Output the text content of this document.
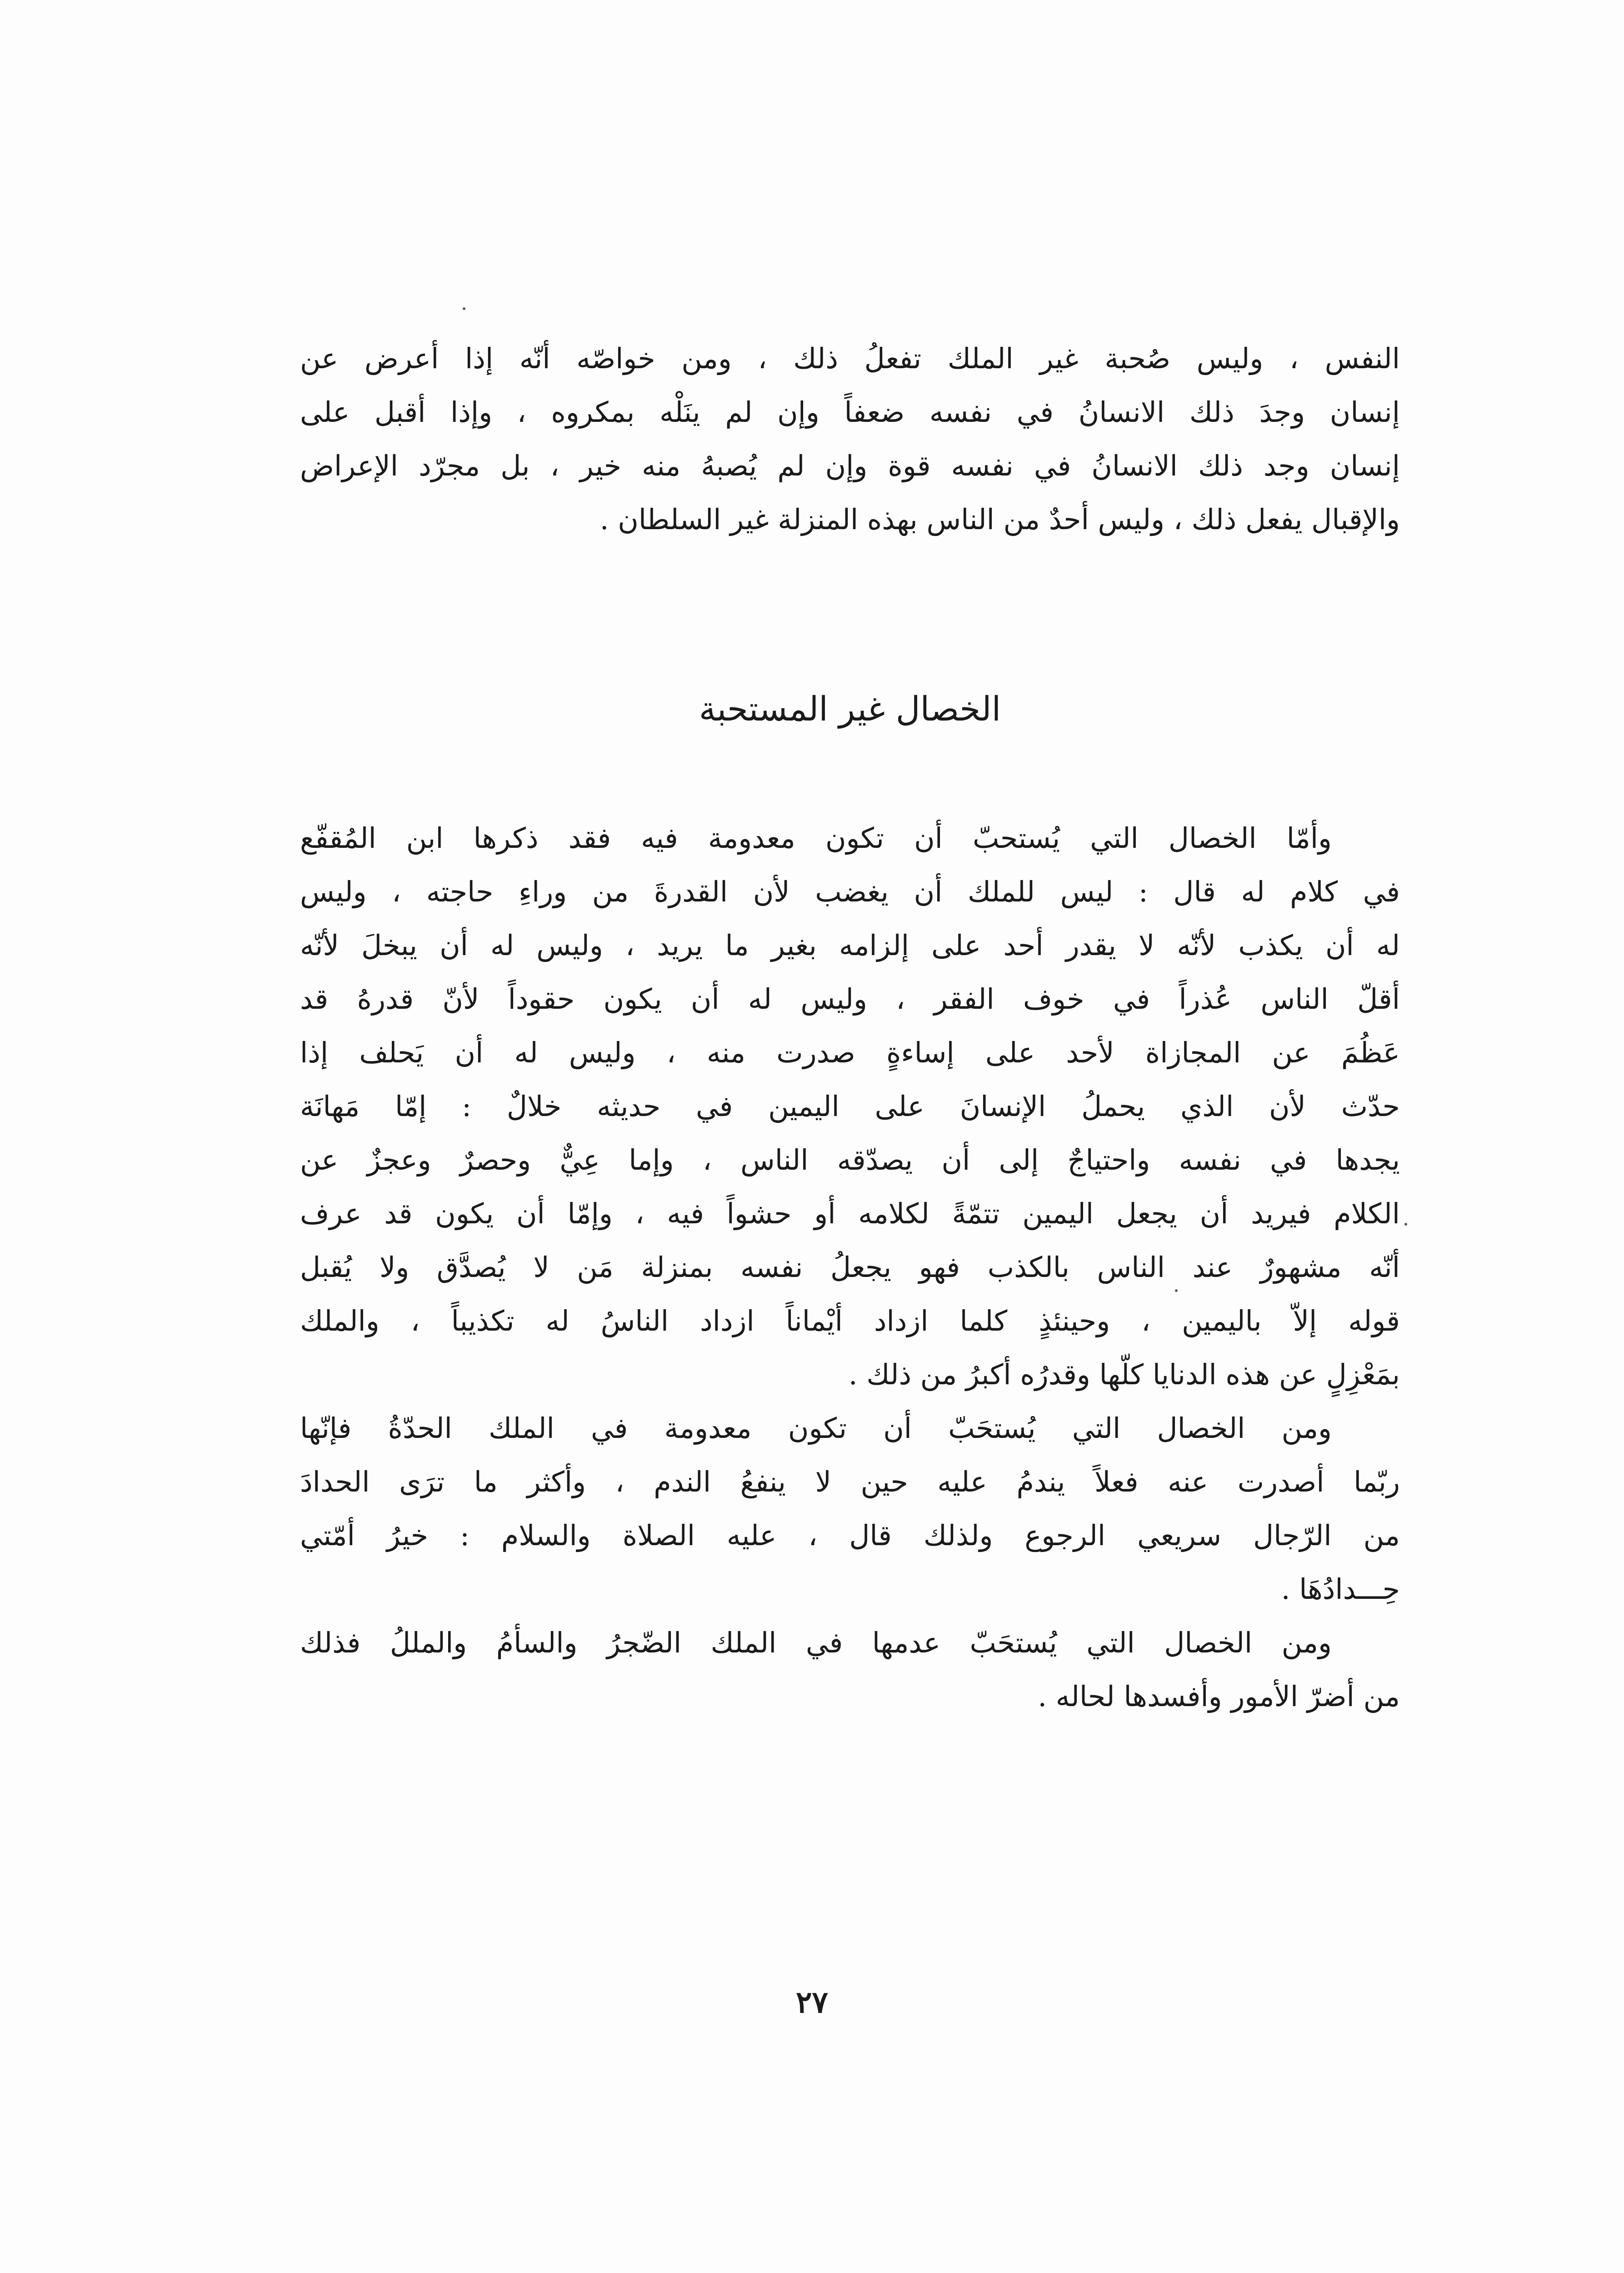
النفس ، وليس صُحبة غير الملك تفعلُ ذلك ، ومن خواصّه أنّه إذا أعرض عن
إنسان وجدَ ذلك الانسانُ في نفسه ضعفاً وإن لم ينَلْه بمكروه ، وإذا أقبل على
إنسان وجد ذلك الانسانُ في نفسه قوة وإن لم يُصبهُ منه خير ، بل مجرّد الإعراض
والإقبال يفعل ذلك ، وليس أحدٌ من الناس بهذه المنزلة غير السلطان .
الخصال غير المستحبة
وأمّا الخصال التي يُستحبّ أن تكون معدومة فيه فقد ذكرها ابن المُقفّع
في كلام له قال : ليس للملك أن يغضب لأن القدرةَ من وراءِ حاجته ، وليس
له أن يكذب لأنّه لا يقدر أحد على إلزامه بغير ما يريد ، وليس له أن يبخلَ لأنّه
أقلّ الناس عُذراً في خوف الفقر ، وليس له أن يكون حقوداً لأنّ قدرهُ قد
عَظُمَ عن المجازاة لأحد على إساءةٍ صدرت منه ، وليس له أن يَحلف إذا
حدّث لأن الذي يحملُ الإنسانَ على اليمين في حديثه خلالٌ : إمّا مَهانَة
يجدها في نفسه واحتياجٌ إلى أن يصدّقه الناس ، وإما عِيٌّ وحصرٌ وعجزٌ عن
الكلام فيريد أن يجعل اليمين تتمّةً لكلامه أو حشواً فيه ، وإمّا أن يكون قد عرف
أنّه مشهورٌ عند الناس بالكذب فهو يجعلُ نفسه بمنزلة مَن لا يُصدَّق ولا يُقبل
قوله إلاّ باليمين ، وحينئذٍ كلما ازداد أيْماناً ازداد الناسُ له تكذيباً ، والملك
بمَعْزِلٍ عن هذه الدنايا كلّها وقدرُه أكبرُ من ذلك .
ومن الخصال التي يُستحَبّ أن تكون معدومة في الملك الحدّةُ فإنّها
ربّما أصدرت عنه فعلاً يندمُ عليه حين لا ينفعُ الندم ، وأكثر ما ترَى الحدادَ
من الرّجال سريعي الرجوع ولذلك قال ، عليه الصلاة والسلام : خيرُ أمّتي
حِـــدادُهَا .
ومن الخصال التي يُستحَبّ عدمها في الملك الضّجرُ والسأمُ والمللُ فذلك
من أضرّ الأمور وأفسدها لحاله .
٢٧
